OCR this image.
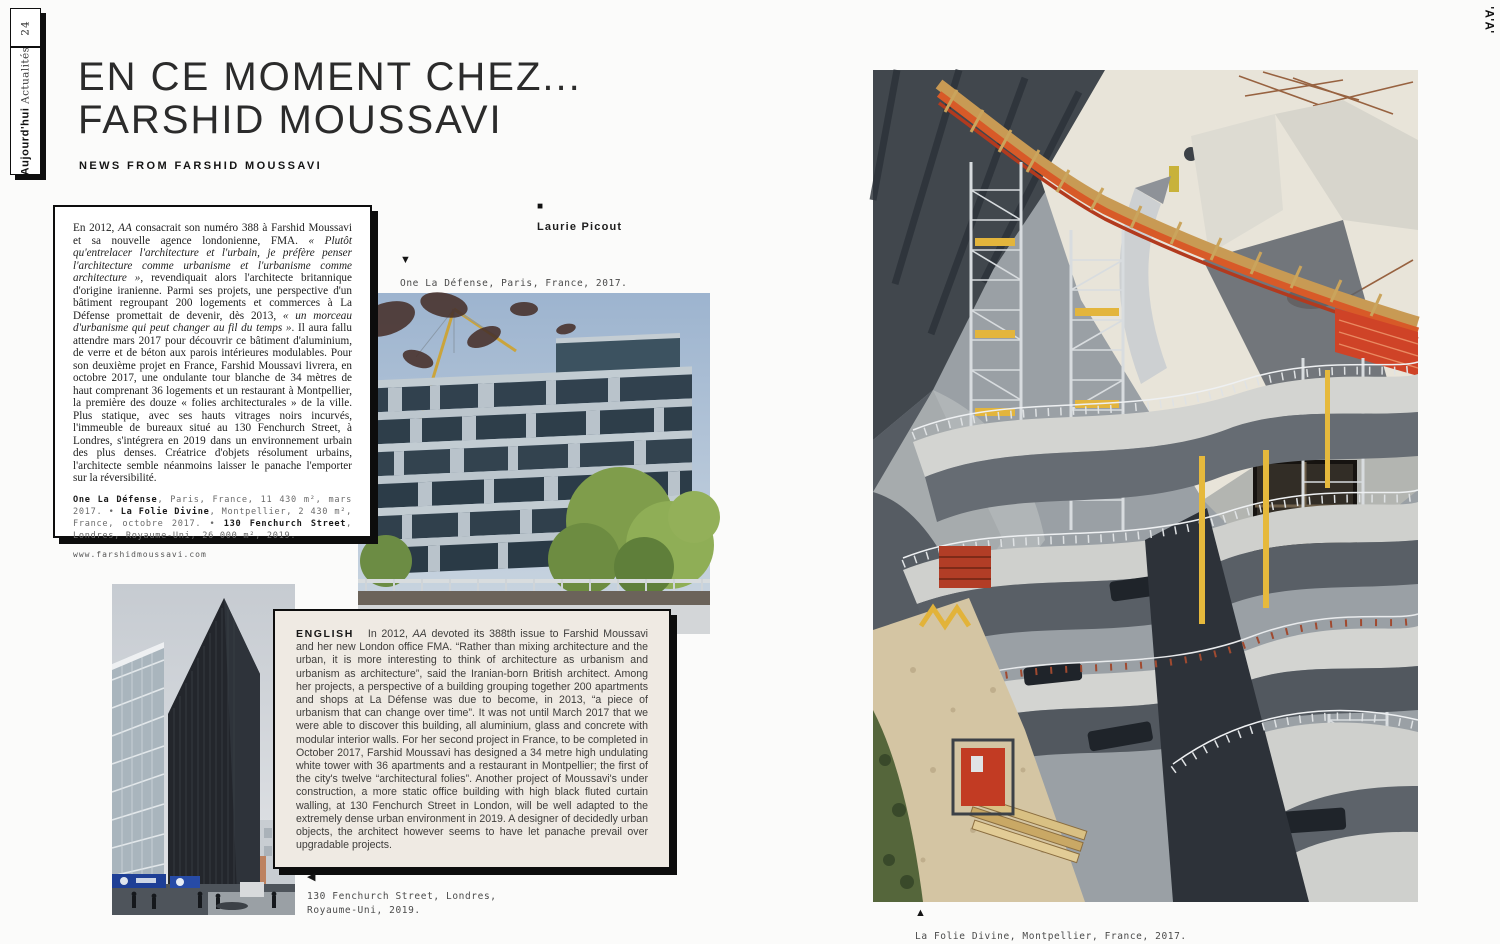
24
Aujourd'hui Actualités
'A'A'
EN CE MOMENT CHEZ...
FARSHID MOUSSAVI
NEWS FROM FARSHID MOUSSAVI

En 2012, AA consacrait son numéro 388 à Farshid Moussavi et sa nouvelle agence londonienne, FMA. « Plutôt qu'entrelacer l'architecture et l'urbain, je préfère penser l'architecture comme urbanisme et l'urbanisme comme architecture », revendiquait alors l'architecte britannique d'origine iranienne. Parmi ses projets, une perspective d'un bâtiment regroupant 200 logements et commerces à La Défense promettait de devenir, dès 2013, « un morceau d'urbanisme qui peut changer au fil du temps ». Il aura fallu attendre mars 2017 pour découvrir ce bâtiment d'aluminium, de verre et de béton aux parois intérieures modulables. Pour son deuxième projet en France, Farshid Moussavi livrera, en octobre 2017, une ondulante tour blanche de 34 mètres de haut comprenant 36 logements et un restaurant à Montpellier, la première des douze « folies architecturales » de la ville. Plus statique, avec ses hauts vitrages noirs incurvés, l'immeuble de bureaux situé au 130 Fenchurch Street, à Londres, s'intégrera en 2019 dans un environnement urbain des plus denses. Créatrice d'objets résolument urbains, l'architecte semble néanmoins laisser le panache l'emporter sur la réversibilité.

One La Défense, Paris, France, 11 430 m², mars 2017. • La Folie Divine, Montpellier, 2 430 m², France, octobre 2017. • 130 Fenchurch Street, Londres, Royaume-Uni, 26 000 m², 2019.

www.farshidmoussavi.com

■
Laurie Picout
▼
One La Défense, Paris, France, 2017.

ENGLISH In 2012, AA devoted its 388th issue to Farshid Moussavi and her new London office FMA. “Rather than mixing architecture and the urban, it is more interesting to think of architecture as urbanism and urbanism as architecture”, said the Iranian-born British architect. Among her projects, a perspective of a building grouping together 200 apartments and shops at La Défense was due to become, in 2013, “a piece of urbanism that can change over time”. It was not until March 2017 that we were able to discover this building, all aluminium, glass and concrete with modular interior walls. For her second project in France, to be completed in October 2017, Farshid Moussavi has designed a 34 metre high undulating white tower with 36 apartments and a restaurant in Montpellier; the first of the city's twelve “architectural folies”. Another project of Moussavi's under construction, a more static office building with high black fluted curtain walling, at 130 Fenchurch Street in London, will be well adapted to the extremely dense urban environment in 2019. A designer of decidedly urban objects, the architect however seems to have let panache prevail over upgradable projects.

◀
130 Fenchurch Street, Londres,
Royaume-Uni, 2019.	▲
La Folie Divine, Montpellier, France, 2017.
